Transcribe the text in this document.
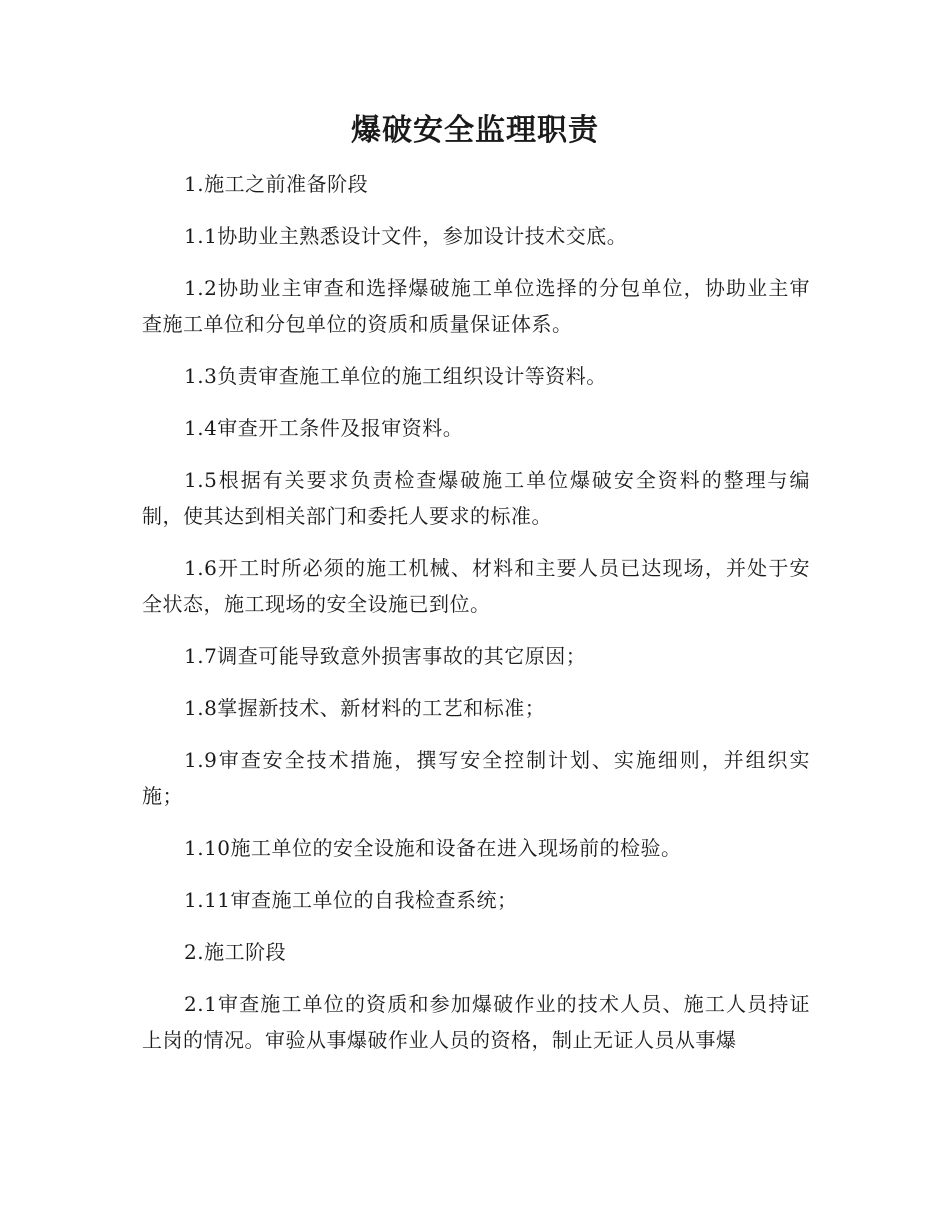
爆破安全监理职责

1.施工之前准备阶段

1.1协助业主熟悉设计文件，参加设计技术交底。

1.2协助业主审查和选择爆破施工单位选择的分包单位，协助业主审查施工单位和分包单位的资质和质量保证体系。

1.3负责审查施工单位的施工组织设计等资料。

1.4审查开工条件及报审资料。

1.5根据有关要求负责检查爆破施工单位爆破安全资料的整理与编制，使其达到相关部门和委托人要求的标准。

1.6开工时所必须的施工机械、材料和主要人员已达现场，并处于安全状态，施工现场的安全设施已到位。

1.7调查可能导致意外损害事故的其它原因；

1.8掌握新技术、新材料的工艺和标准；

1.9审查安全技术措施，撰写安全控制计划、实施细则，并组织实施；

1.10施工单位的安全设施和设备在进入现场前的检验。

1.11审查施工单位的自我检查系统；

2.施工阶段

2.1审查施工单位的资质和参加爆破作业的技术人员、施工人员持证上岗的情况。审验从事爆破作业人员的资格，制止无证人员从事爆
